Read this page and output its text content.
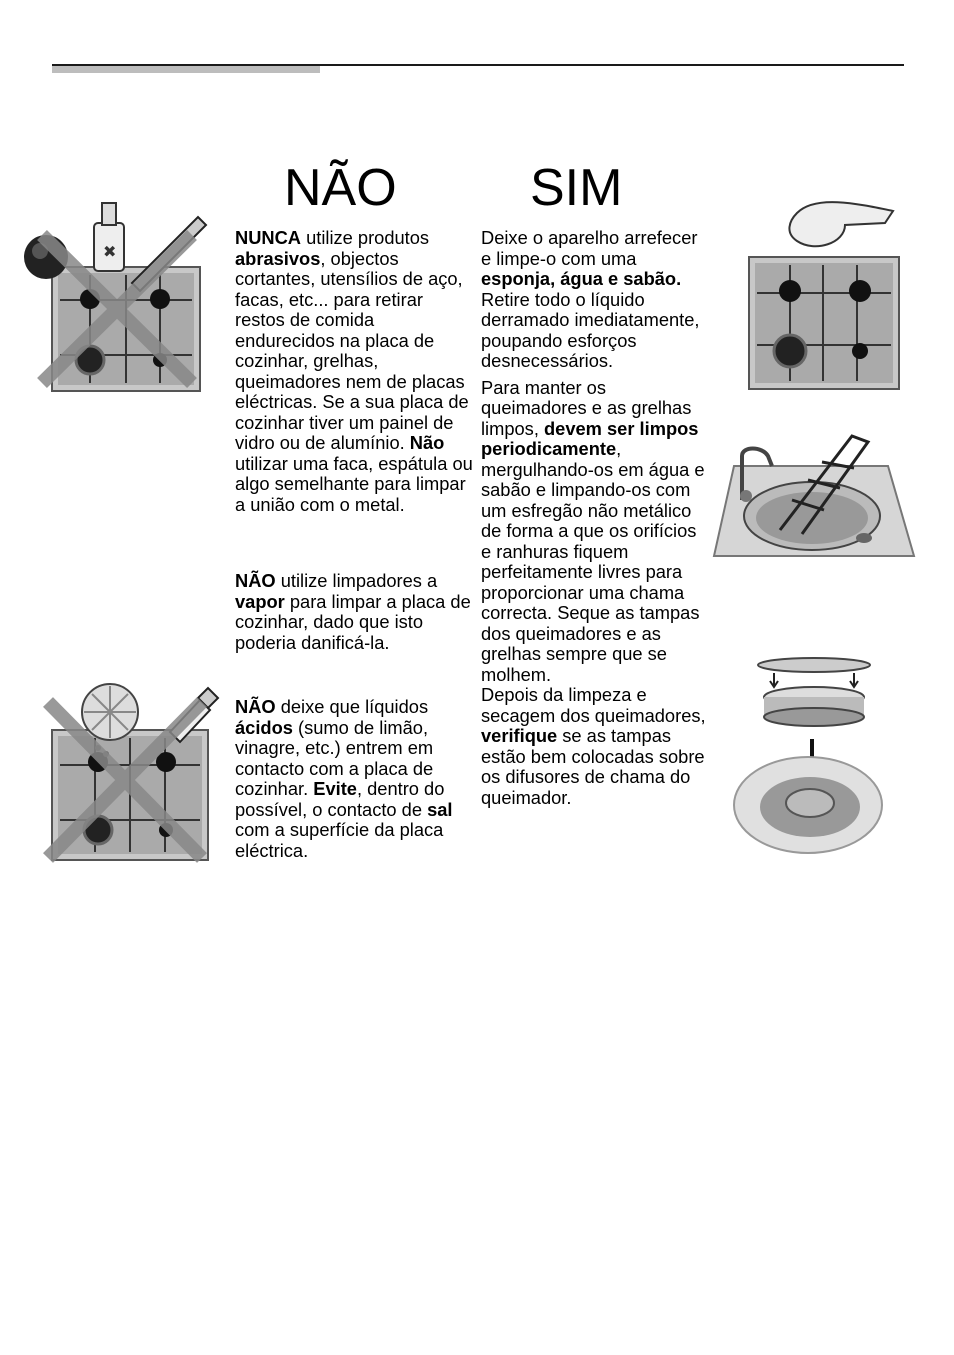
NÃO	SIM

NUNCA utilize produtos abrasivos, objectos cortantes, utensílios de aço, facas, etc... para retirar restos de comida endurecidos na placa de cozinhar, grelhas, queimadores nem de placas eléctricas. Se a sua placa de cozinhar tiver um painel de vidro ou de alumínio. Não utilizar uma faca, espátula ou algo semelhante para limpar a união com o metal.

NÃO utilize limpadores a vapor para limpar a placa de cozinhar, dado que isto poderia danificá-la.

NÃO deixe que líquidos ácidos (sumo de limão, vinagre, etc.) entrem em contacto com a placa de cozinhar. Evite, dentro do possível, o contacto de sal com a superfície da placa eléctrica.

Deixe o aparelho arrefecer e limpe-o com uma esponja, água e sabão. Retire todo o líquido derramado imediatamente, poupando esforços desnecessários.

Para manter os queimadores e as grelhas limpos, devem ser limpos periodicamente, mergulhando-os em água e sabão e limpando-os com um esfregão não metálico de forma a que os orifícios e ranhuras fiquem perfeitamente livres para proporcionar uma chama correcta. Seque as tampas dos queimadores e as grelhas sempre que se molhem.

Depois da limpeza e secagem dos queimadores, verifique se as tampas estão bem colocadas sobre os difusores de chama do queimador.

✖
